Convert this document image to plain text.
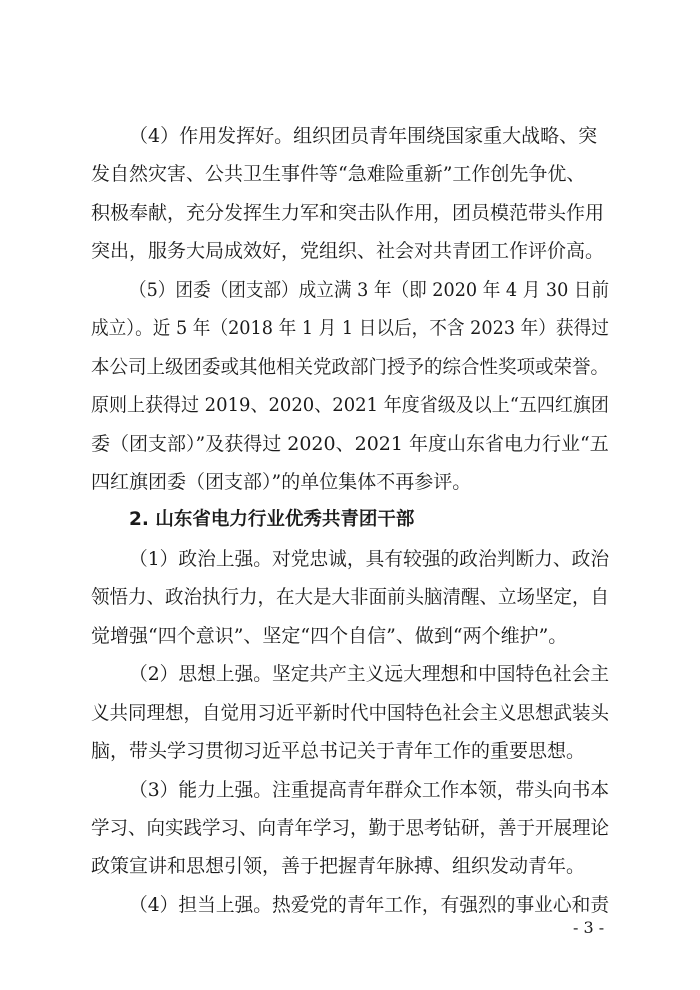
（4）作用发挥好。组织团员青年围绕国家重大战略、突
发自然灾害、公共卫生事件等“急难险重新”工作创先争优、
积极奉献，充分发挥生力军和突击队作用，团员模范带头作用
突出，服务大局成效好，党组织、社会对共青团工作评价高。
（5）团委（团支部）成立满 3 年（即 2020 年 4 月 30 日前
成立）。近 5 年（2018 年 1 月 1 日以后，不含 2023 年）获得过
本公司上级团委或其他相关党政部门授予的综合性奖项或荣誉。
原则上获得过 2019、2020、2021 年度省级及以上“五四红旗团
委（团支部）”及获得过 2020、2021 年度山东省电力行业“五
四红旗团委（团支部）”的单位集体不再参评。
2. 山东省电力行业优秀共青团干部
（1）政治上强。对党忠诚，具有较强的政治判断力、政治
领悟力、政治执行力，在大是大非面前头脑清醒、立场坚定，自
觉增强“四个意识”、坚定“四个自信”、做到“两个维护”。
（2）思想上强。坚定共产主义远大理想和中国特色社会主
义共同理想，自觉用习近平新时代中国特色社会主义思想武装头
脑，带头学习贯彻习近平总书记关于青年工作的重要思想。
（3）能力上强。注重提高青年群众工作本领，带头向书本
学习、向实践学习、向青年学习，勤于思考钻研，善于开展理论
政策宣讲和思想引领，善于把握青年脉搏、组织发动青年。
（4）担当上强。热爱党的青年工作，有强烈的事业心和责
- 3 -
